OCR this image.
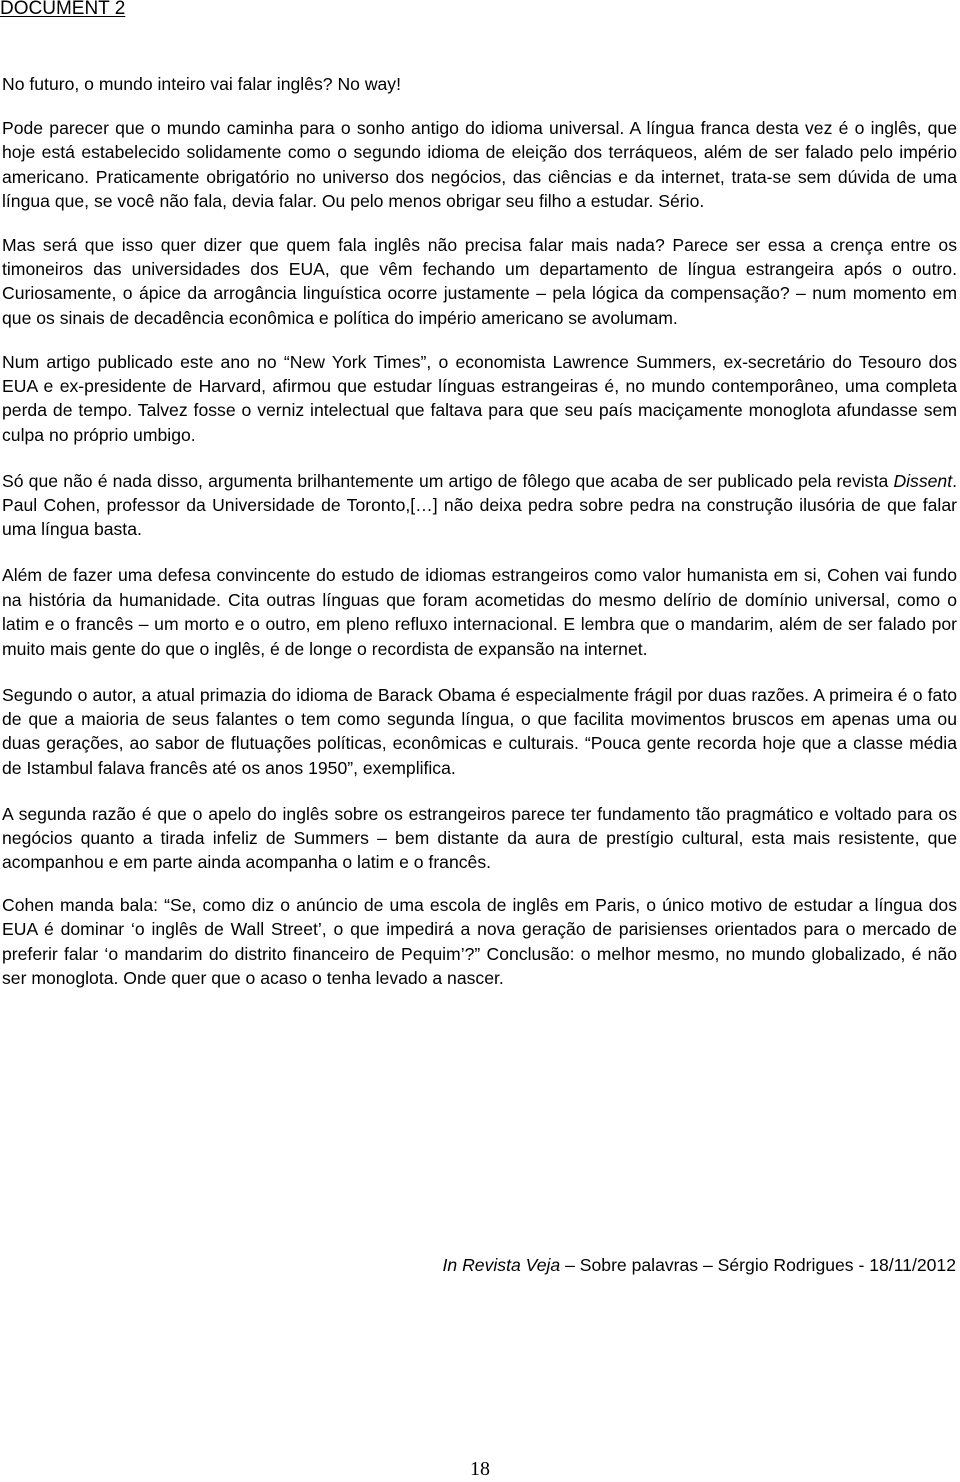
DOCUMENT 2
No futuro, o mundo inteiro vai falar inglês? No way!

Pode parecer que o mundo caminha para o sonho antigo do idioma universal. A língua franca desta vez é o inglês, que hoje está estabelecido solidamente como o segundo idioma de eleição dos terráqueos, além de ser falado pelo império americano. Praticamente obrigatório no universo dos negócios, das ciências e da internet, trata-se sem dúvida de uma língua que, se você não fala, devia falar. Ou pelo menos obrigar seu filho a estudar. Sério.

Mas será que isso quer dizer que quem fala inglês não precisa falar mais nada? Parece ser essa a crença entre os timoneiros das universidades dos EUA, que vêm fechando um departamento de língua estrangeira após o outro. Curiosamente, o ápice da arrogância linguística ocorre justamente – pela lógica da compensação? – num momento em que os sinais de decadência econômica e política do império americano se avolumam.

Num artigo publicado este ano no “New York Times”, o economista Lawrence Summers, ex-secretário do Tesouro dos EUA e ex-presidente de Harvard, afirmou que estudar línguas estrangeiras é, no mundo contemporâneo, uma completa perda de tempo. Talvez fosse o verniz intelectual que faltava para que seu país maciçamente monoglota afundasse sem culpa no próprio umbigo.

Só que não é nada disso, argumenta brilhantemente um artigo de fôlego que acaba de ser publicado pela revista Dissent. Paul Cohen, professor da Universidade de Toronto,[…] não deixa pedra sobre pedra na construção ilusória de que falar uma língua basta.

Além de fazer uma defesa convincente do estudo de idiomas estrangeiros como valor humanista em si, Cohen vai fundo na história da humanidade. Cita outras línguas que foram acometidas do mesmo delírio de domínio universal, como o latim e o francês – um morto e o outro, em pleno refluxo internacional. E lembra que o mandarim, além de ser falado por muito mais gente do que o inglês, é de longe o recordista de expansão na internet.

Segundo o autor, a atual primazia do idioma de Barack Obama é especialmente frágil por duas razões. A primeira é o fato de que a maioria de seus falantes o tem como segunda língua, o que facilita movimentos bruscos em apenas uma ou duas gerações, ao sabor de flutuações políticas, econômicas e culturais. “Pouca gente recorda hoje que a classe média de Istambul falava francês até os anos 1950”, exemplifica.

A segunda razão é que o apelo do inglês sobre os estrangeiros parece ter fundamento tão pragmático e voltado para os negócios quanto a tirada infeliz de Summers – bem distante da aura de prestígio cultural, esta mais resistente, que acompanhou e em parte ainda acompanha o latim e o francês.

Cohen manda bala: “Se, como diz o anúncio de uma escola de inglês em Paris, o único motivo de estudar a língua dos EUA é dominar ‘o inglês de Wall Street’, o que impedirá a nova geração de parisienses orientados para o mercado de preferir falar ‘o mandarim do distrito financeiro de Pequim’?” Conclusão: o melhor mesmo, no mundo globalizado, é não ser monoglota. Onde quer que o acaso o tenha levado a nascer.

In Revista Veja – Sobre palavras – Sérgio Rodrigues - 18/11/2012
18
